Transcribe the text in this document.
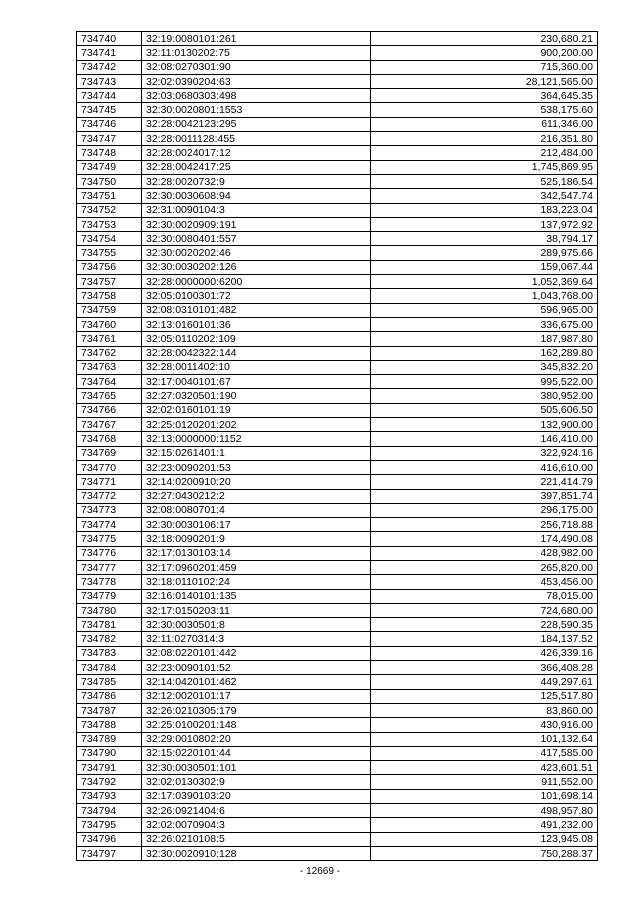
734740	32:19:0080101:261	230,680.21
734741	32:11:0130202:75	900,200.00
734742	32:08:0270301:90	715,360.00
734743	32:02:0390204:63	28,121,565.00
734744	32:03:0680303:498	364,645.35
734745	32:30:0020801:1553	538,175.60
734746	32:28:0042123:295	611,346.00
734747	32:28:0011128:455	216,351.80
734748	32:28:0024017:12	212,484.00
734749	32:28:0042417:25	1,745,869.95
734750	32:28:0020732:9	525,186.54
734751	32:30:0030608:94	342,547.74
734752	32:31:0090104:3	183,223.04
734753	32:30:0020909:191	137,972.92
734754	32:30:0080401:557	38,794.17
734755	32:30:0020202:46	289,975.66
734756	32:30:0030202:126	159,067.44
734757	32:28:0000000:6200	1,052,369.64
734758	32:05:0100301:72	1,043,768.00
734759	32:08:0310101:482	596,965.00
734760	32:13:0160101:36	336,675.00
734761	32:05:0110202:109	187,987.80
734762	32:28:0042322:144	162,289.80
734763	32:28:0011402:10	345,832.20
734764	32:17:0040101:67	995,522.00
734765	32:27:0320501:190	380,952.00
734766	32:02:0160101:19	505,606.50
734767	32:25:0120201:202	132,900.00
734768	32:13:0000000:1152	146,410.00
734769	32:15:0261401:1	322,924.16
734770	32:23:0090201:53	416,610.00
734771	32:14:0200910:20	221,414.79
734772	32:27:0430212:2	397,851.74
734773	32:08:0080701:4	296,175.00
734774	32:30:0030106:17	256,718.88
734775	32:18:0090201:9	174,490.08
734776	32:17:0130103:14	428,982.00
734777	32:17:0960201:459	265,820.00
734778	32:18:0110102:24	453,456.00
734779	32:16:0140101:135	78,015.00
734780	32:17:0150203:11	724,680.00
734781	32:30:0030501:8	228,590.35
734782	32:11:0270314:3	184,137.52
734783	32:08:0220101:442	426,339.16
734784	32:23:0090101:52	366,408.28
734785	32:14:0420101:462	449,297.61
734786	32:12:0020101:17	125,517.80
734787	32:26:0210305:179	83,860.00
734788	32:25:0100201:148	430,916.00
734789	32:29:0010802:20	101,132.64
734790	32:15:0220101:44	417,585.00
734791	32:30:0030501:101	423,601.51
734792	32:02:0130302:9	911,552.00
734793	32:17:0390103:20	101,698.14
734794	32:26:0921404:6	498,957.80
734795	32:02:0070904:3	491,232.00
734796	32:26:0210108:5	123,945.08
734797	32:30:0020910:128	750,288.37
- 12669 -
